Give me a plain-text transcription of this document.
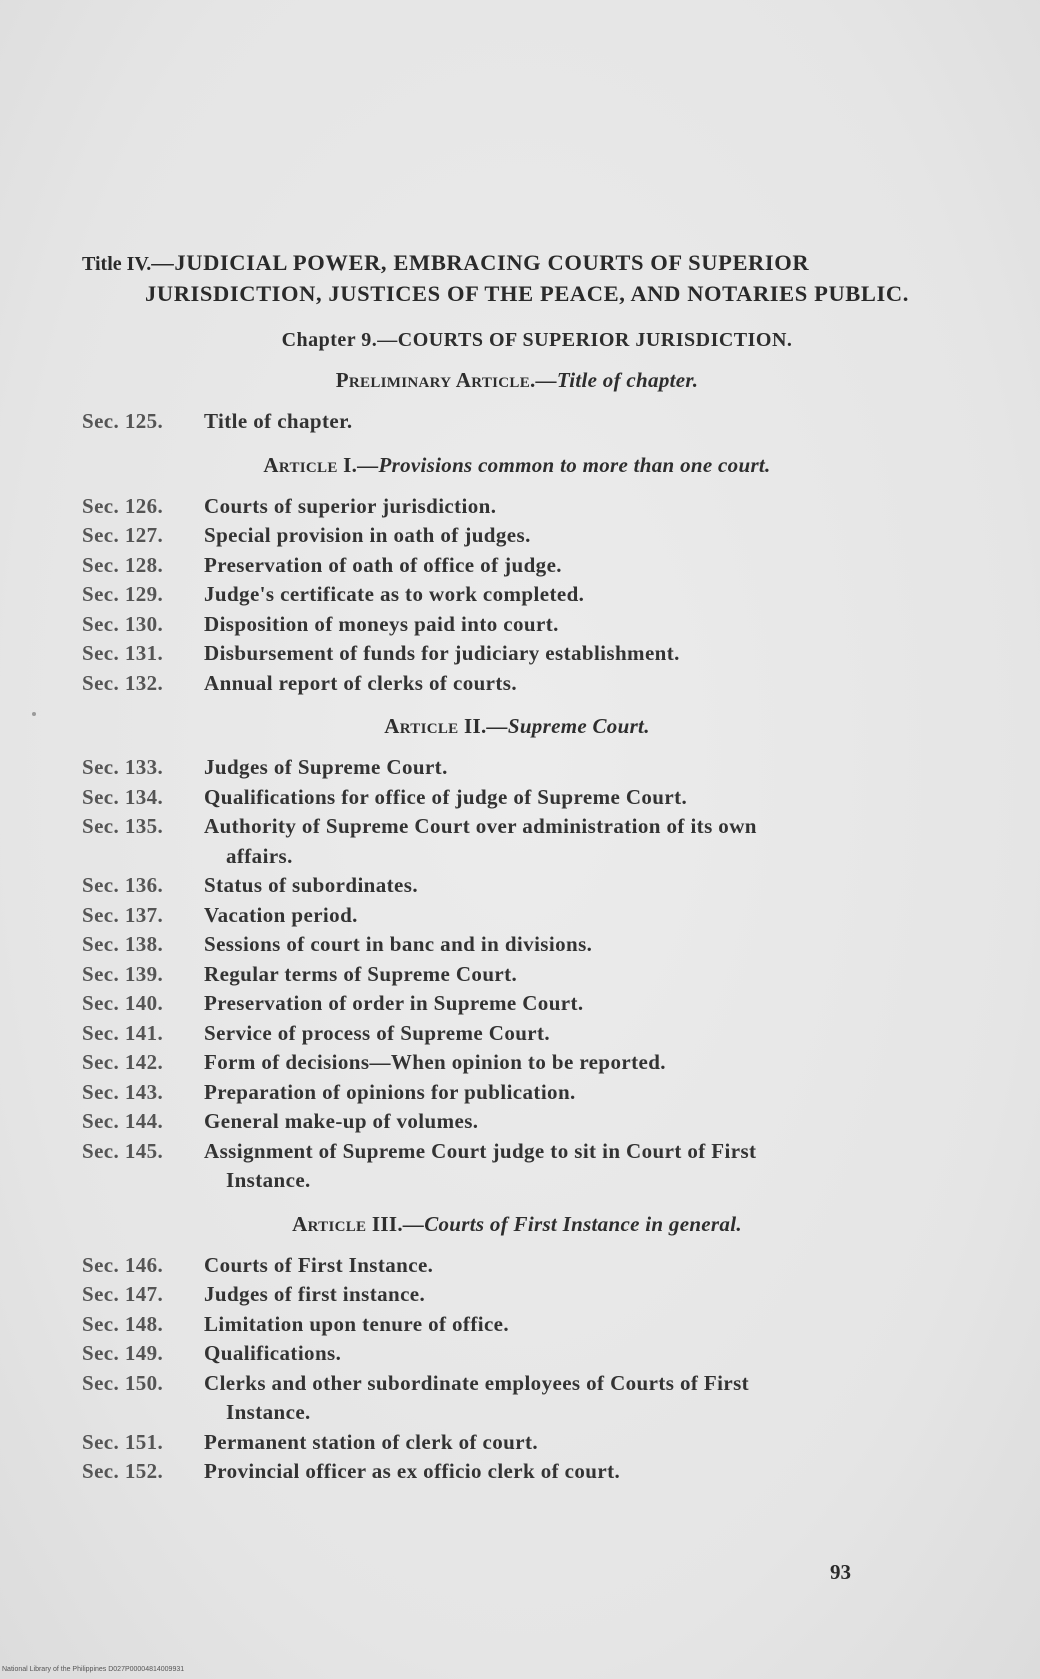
Title IV.—JUDICIAL POWER, EMBRACING COURTS OF SUPERIOR JURISDICTION, JUSTICES OF THE PEACE, AND NOTARIES PUBLIC.

Chapter 9.—COURTS OF SUPERIOR JURISDICTION.

Preliminary Article.—Title of chapter.
Sec. 125.	Title of chapter.
Article I.—Provisions common to more than one court.
Sec. 126.	Courts of superior jurisdiction.
Sec. 127.	Special provision in oath of judges.
Sec. 128.	Preservation of oath of office of judge.
Sec. 129.	Judge's certificate as to work completed.
Sec. 130.	Disposition of moneys paid into court.
Sec. 131.	Disbursement of funds for judiciary establishment.
Sec. 132.	Annual report of clerks of courts.
Article II.—Supreme Court.
Sec. 133.	Judges of Supreme Court.
Sec. 134.	Qualifications for office of judge of Supreme Court.
Sec. 135.	Authority of Supreme Court over administration of its own
affairs.
Sec. 136.	Status of subordinates.
Sec. 137.	Vacation period.
Sec. 138.	Sessions of court in banc and in divisions.
Sec. 139.	Regular terms of Supreme Court.
Sec. 140.	Preservation of order in Supreme Court.
Sec. 141.	Service of process of Supreme Court.
Sec. 142.	Form of decisions—When opinion to be reported.
Sec. 143.	Preparation of opinions for publication.
Sec. 144.	General make-up of volumes.
Sec. 145.	Assignment of Supreme Court judge to sit in Court of First
Instance.
Article III.—Courts of First Instance in general.
Sec. 146.	Courts of First Instance.
Sec. 147.	Judges of first instance.
Sec. 148.	Limitation upon tenure of office.
Sec. 149.	Qualifications.
Sec. 150.	Clerks and other subordinate employees of Courts of First
Instance.
Sec. 151.	Permanent station of clerk of court.
Sec. 152.	Provincial officer as ex officio clerk of court.
93
National Library of the Philippines D027P00004814009931
